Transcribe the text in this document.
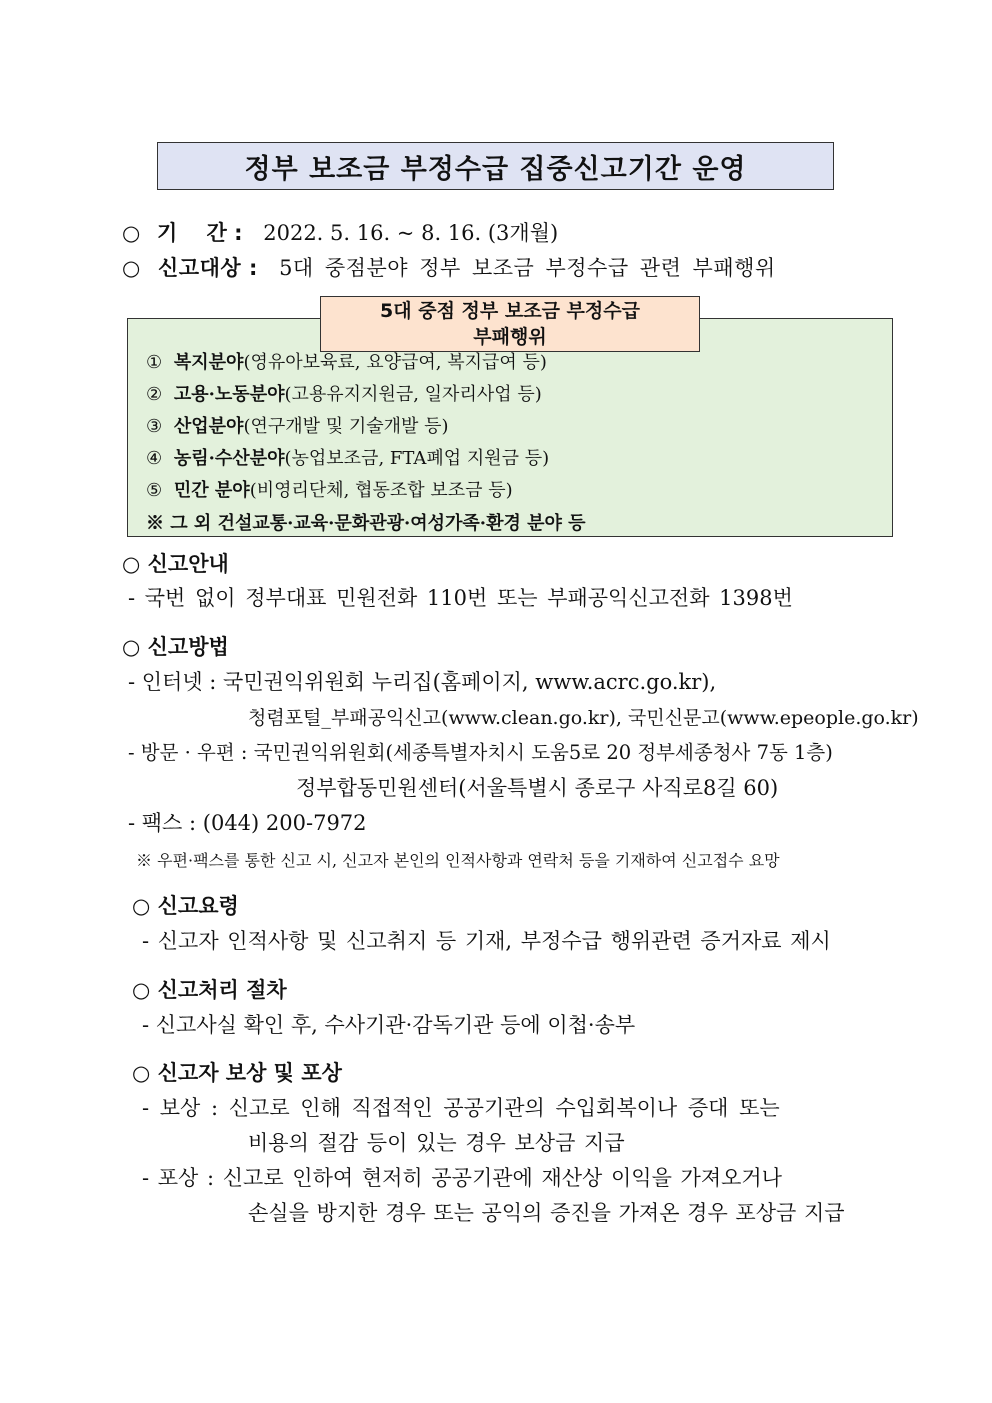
정부 보조금 부정수급 집중신고기간 운영
○ 기    간 : 2022. 5. 16. ~ 8. 16. (3개월)
○ 신고대상 : 5대 중점분야 정부 보조금 부정수급 관련 부패행위
5대 중점 정부 보조금 부정수급
부패행위
① 복지분야(영유아보육료, 요양급여, 복지급여 등)
② 고용·노동분야(고용유지지원금, 일자리사업 등)
③ 산업분야(연구개발 및 기술개발 등)
④ 농림·수산분야(농업보조금, FTA폐업 지원금 등)
⑤ 민간 분야(비영리단체, 협동조합 보조금 등)
※ 그 외 건설교통·교육·문화관광·여성가족·환경 분야 등
○ 신고안내
- 국번 없이 정부대표 민원전화 110번 또는 부패공익신고전화 1398번
○ 신고방법
- 인터넷 : 국민권익위원회 누리집(홈페이지, www.acrc.go.kr),
청렴포털_부패공익신고(www.clean.go.kr), 국민신문고(www.epeople.go.kr)
- 방문 · 우편 : 국민권익위원회(세종특별자치시 도움5로 20 정부세종청사 7동 1층)
정부합동민원센터(서울특별시 종로구 사직로8길 60)
- 팩스 : (044) 200-7972
※ 우편·팩스를 통한 신고 시, 신고자 본인의 인적사항과 연락처 등을 기재하여 신고접수 요망
○ 신고요령
- 신고자 인적사항 및 신고취지 등 기재, 부정수급 행위관련 증거자료 제시
○ 신고처리 절차
- 신고사실 확인 후, 수사기관·감독기관 등에 이첩·송부
○ 신고자 보상 및 포상
- 보상 : 신고로 인해 직접적인 공공기관의 수입회복이나 증대 또는
비용의 절감 등이 있는 경우 보상금 지급
- 포상 : 신고로 인하여 현저히 공공기관에 재산상 이익을 가져오거나
손실을 방지한 경우 또는 공익의 증진을 가져온 경우 포상금 지급
